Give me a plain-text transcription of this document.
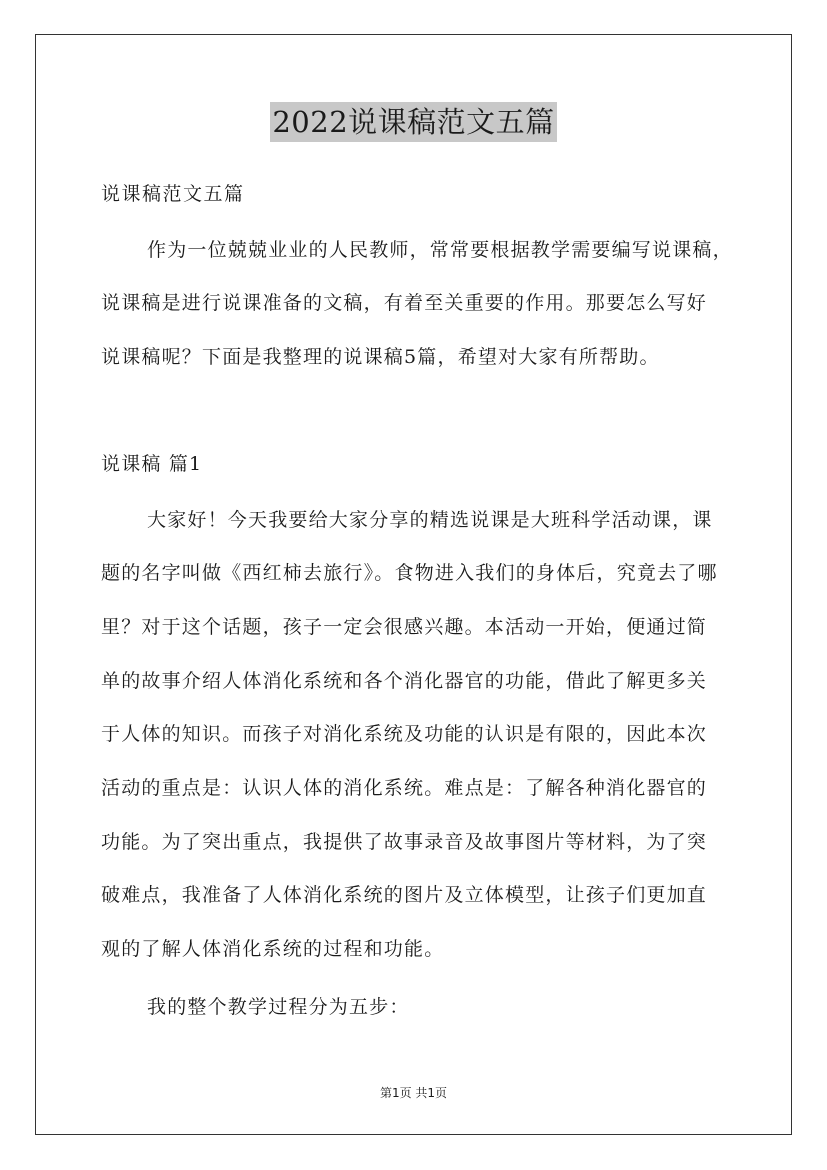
2022说课稿范文五篇
说课稿范文五篇
作为一位兢兢业业的人民教师，常常要根据教学需要编写说课稿，
说课稿是进行说课准备的文稿，有着至关重要的作用。那要怎么写好
说课稿呢？下面是我整理的说课稿5篇，希望对大家有所帮助。
说课稿 篇1
大家好！今天我要给大家分享的精选说课是大班科学活动课，课
题的名字叫做《西红柿去旅行》。食物进入我们的身体后，究竟去了哪
里？对于这个话题，孩子一定会很感兴趣。本活动一开始，便通过简
单的故事介绍人体消化系统和各个消化器官的功能，借此了解更多关
于人体的知识。而孩子对消化系统及功能的认识是有限的，因此本次
活动的重点是：认识人体的消化系统。难点是：了解各种消化器官的
功能。为了突出重点，我提供了故事录音及故事图片等材料，为了突
破难点，我准备了人体消化系统的图片及立体模型，让孩子们更加直
观的了解人体消化系统的过程和功能。
我的整个教学过程分为五步：
第1页 共1页
